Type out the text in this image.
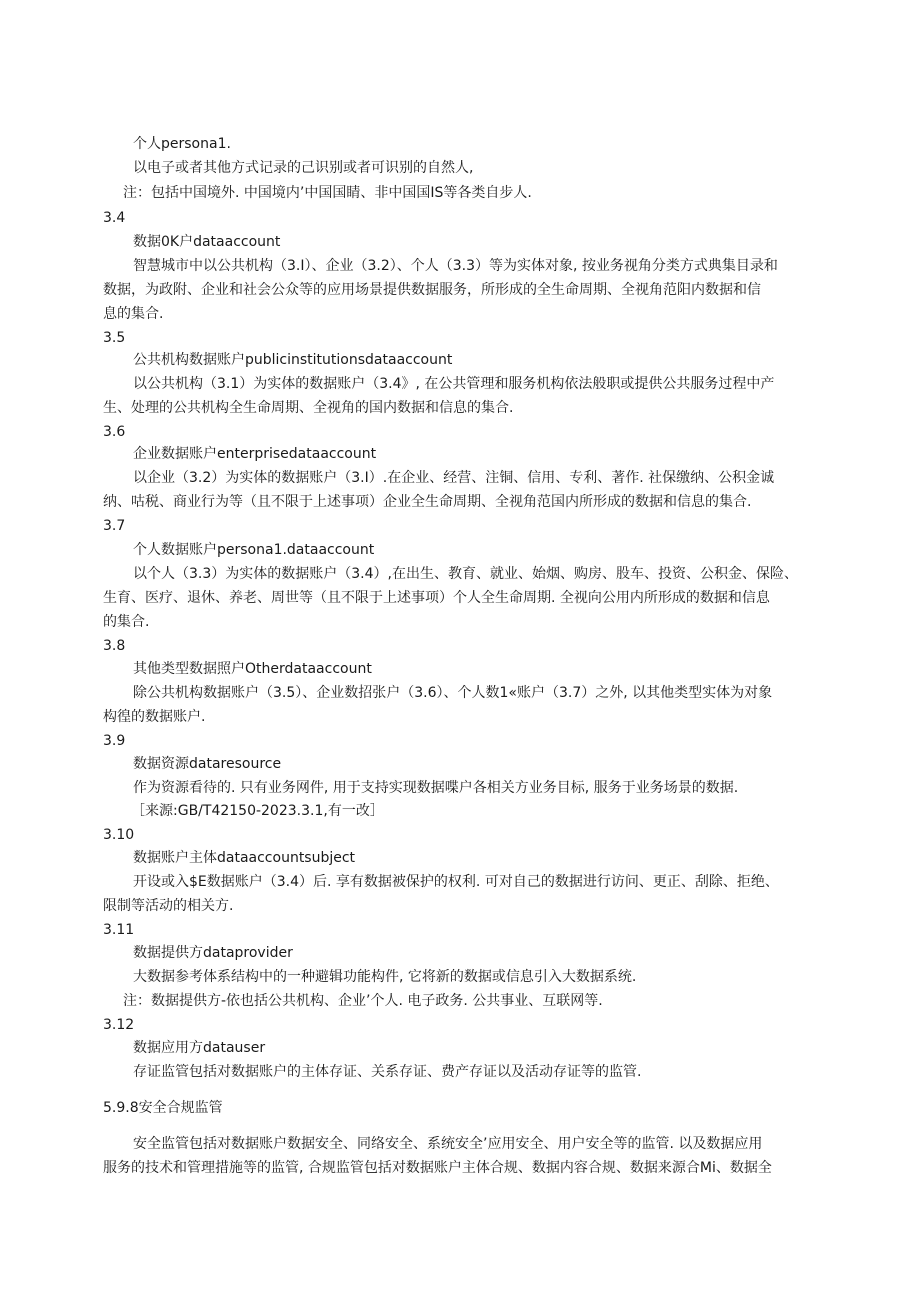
个人persona1.
以电子或者其他方式记录的己识别或者可识别的自然人,
注：包括中国境外. 中国境内’中国国睛、非中国国IS等各类自步人.
3.4
数据0K户dataaccount
智慧城市中以公共机构（3.I）、企业（3.2）、个人（3.3）等为实体对象, 按业务视角分类方式典集目录和
数据，为政附、企业和社会公众等的应用场景提供数据服务，所形成的全生命周期、全视角范阳内数据和信
息的集合.
3.5
公共机构数据账户publicinstitutionsdataaccount
以公共机构（3.1）为实体的数据账户（3.4》, 在公共管理和服务机构依法般职或提供公共服务过程中产
生、处理的公共机构全生命周期、全视角的国内数据和信息的集合.
3.6
企业数据账户enterprisedataaccount
以企业（3.2）为实体的数据账户（3.I）.在企业、经营、注铜、信用、专利、著作. 社保缴纳、公积金诚
纳、咕税、商业行为等（且不限于上述事项）企业全生命周期、全视角范国内所形成的数据和信息的集合.
3.7
个人数据账户persona1.dataaccount
以个人（3.3）为实体的数据账户（3.4）,在出生、教育、就业、始烟、购房、股车、投资、公积金、保险、
生育、医疗、退休、养老、周世等（且不限于上述事项）个人全生命周期. 全视向公用内所形成的数据和信息
的集合.
3.8
其他类型数据照户Otherdataaccount
除公共机构数据账户（3.5）、企业数招张户（3.6）、个人数1«账户（3.7）之外, 以其他类型实体为对象
构徨的数据账户.
3.9
数据资源dataresource
作为资源看待的. 只有业务网件, 用于支持实现数据喋户各相关方业务目标, 服务于业务场景的数据.
［来源:GB/T42150-2023.3.1,有一改］
3.10
数据账户主体dataaccountsubject
开设或入$E数据账户（3.4）后. 享有数据被保护的权利. 可对自己的数据进行访问、更正、刮除、拒绝、
限制等活动的相关方.
3.11
数据提供方dataprovider
大数据参考体系结构中的一种避辑功能构件, 它将新的数据或信息引入大数据系统.
注：数据提供方-依也括公共机构、企业’个人. 电子政务. 公共事业、互联网等.
3.12
数据应用方datauser
存证监管包括对数据账户的主体存证、关系存证、费产存证以及活动存证等的监管.
5.9.8安全合规监管
安全监管包括对数据账户数据安全、同络安全、系统安全’应用安全、用户安全等的监管. 以及数据应用
服务的技术和管理措施等的监管, 合规监管包括对数据账户主体合规、数据内容合规、数据来源合Mi、数据全
